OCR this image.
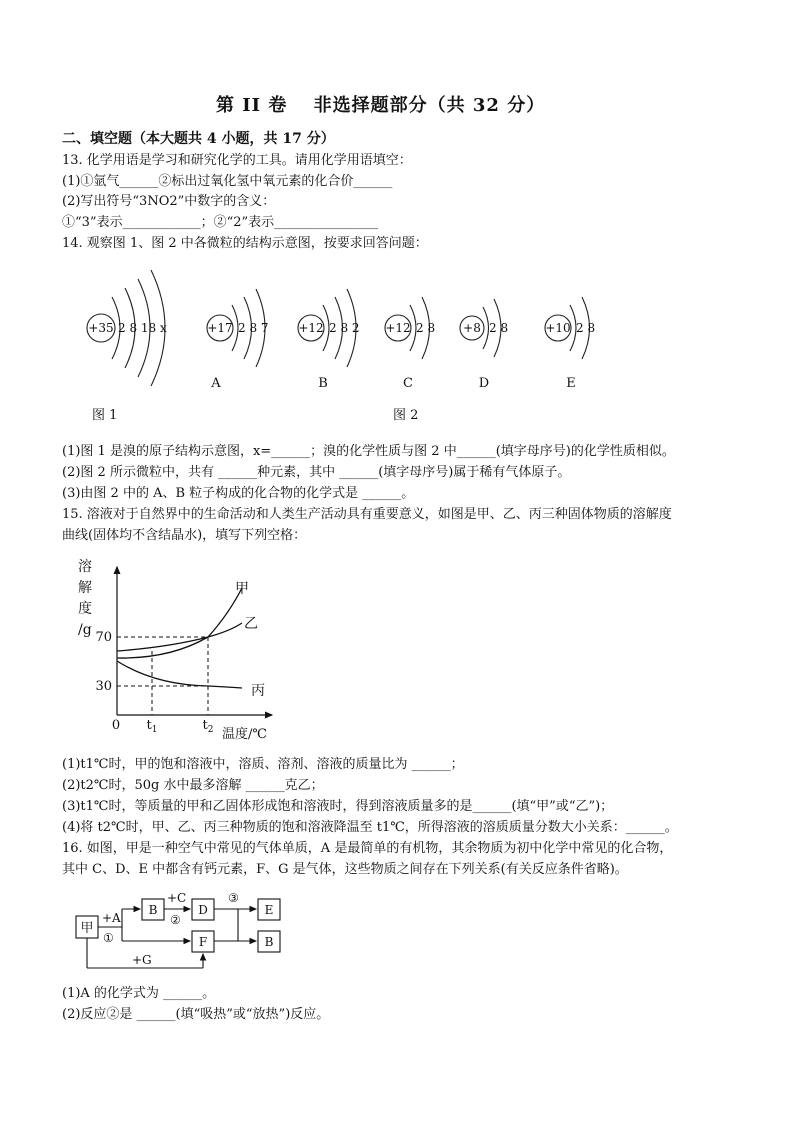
第 II 卷　 非选择题部分（共 32 分）
二、填空题（本大题共 4 小题，共 17 分）
13. 化学用语是学习和研究化学的工具。请用化学用语填空：
(1)①氩气______②标出过氧化氢中氧元素的化合价______
(2)写出符号“3NO2”中数字的含义：
①“3”表示____________；②“2”表示________________
14. 观察图 1、图 2 中各微粒的结构示意图，按要求回答问题：
+35 2 8 18 x	+17 2 8 7 +12 2 8 2 +12 2 8 +8 2 8	+10 2 8
A	B	C	D	E
图 1	图 2
(1)图 1 是溴的原子结构示意图，x=______；溴的化学性质与图 2 中______(填字母序号)的化学性质相似。
(2)图 2 所示微粒中，共有 ______种元素，其中 ______(填字母序号)属于稀有气体原子。
(3)由图 2 中的 A、B 粒子构成的化合物的化学式是 ______。
15. 溶液对于自然界中的生命活动和人类生产活动具有重要意义，如图是甲、乙、丙三种固体物质的溶解度
曲线(固体均不含结晶水)，填写下列空格：
溶解度/g 70
30
0 $t_1$	$t_2$ 温度/℃
甲
乙
丙
(1)t1℃时，甲的饱和溶液中，溶质、溶剂、溶液的质量比为 ______；
(2)t2℃时，50g 水中最多溶解 ______克乙；
(3)t1℃时，等质量的甲和乙固体形成饱和溶液时，得到溶液质量多的是______(填“甲”或“乙”)；
(4)将 t2℃时，甲、乙、丙三种物质的饱和溶液降温至 t1℃，所得溶液的溶质质量分数大小关系：______。
16. 如图，甲是一种空气中常见的气体单质，A 是最简单的有机物，其余物质为初中化学中常见的化合物，
其中 C、D、E 中都含有钙元素，F、G 是气体，这些物质之间存在下列关系(有关反应条件省略)。
甲
B	D
F
E
B
+A
①
+C
②
③
+G
(1)A 的化学式为 ______。
(2)反应②是 ______(填“吸热”或“放热”)反应。
